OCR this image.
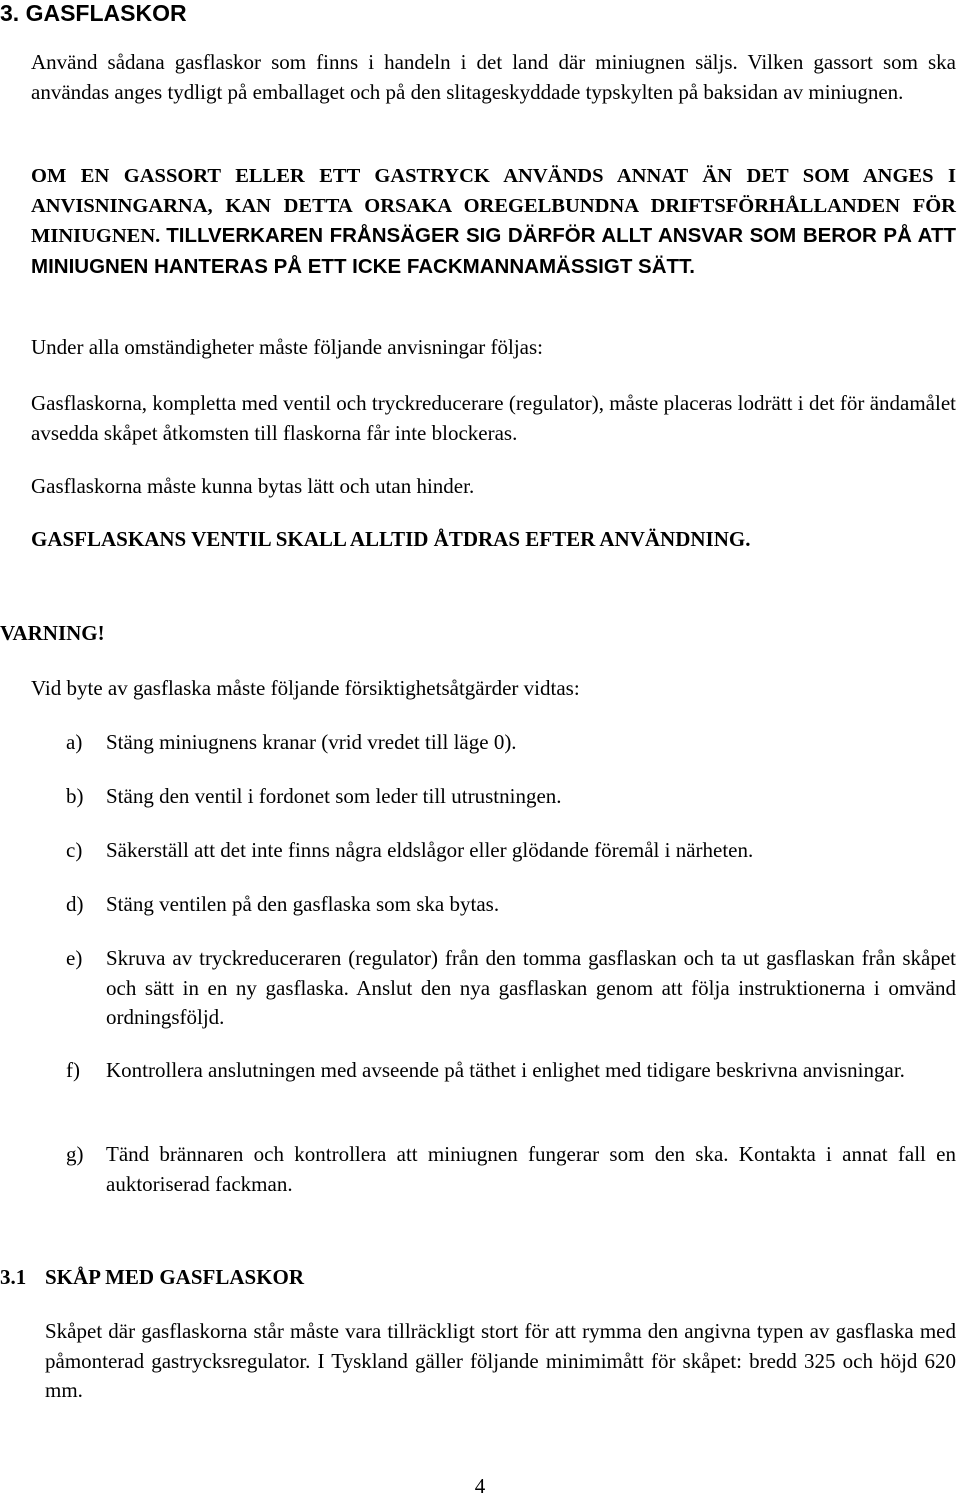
3. GASFLASKOR

Använd sådana gasflaskor som finns i handeln i det land där miniugnen säljs. Vilken gassort som ska användas anges tydligt på emballaget och på den slitageskyddade typskylten på baksidan av miniugnen.

OM EN GASSORT ELLER ETT GASTRYCK ANVÄNDS ANNAT ÄN DET SOM ANGES I ANVISNINGARNA, KAN DETTA ORSAKA OREGELBUNDNA DRIFTSFÖRHÅLLANDEN FÖR MINIUGNEN. TILLVERKAREN FRÅNSÄGER SIG DÄRFÖR ALLT ANSVAR SOM BEROR PÅ ATT MINIUGNEN HANTERAS PÅ ETT ICKE FACKMANNAMÄSSIGT SÄTT.

Under alla omständigheter måste följande anvisningar följas:

Gasflaskorna, kompletta med ventil och tryckreducerare (regulator), måste placeras lodrätt i det för ändamålet avsedda skåpet åtkomsten till flaskorna får inte blockeras.

Gasflaskorna måste kunna bytas lätt och utan hinder.

GASFLASKANS VENTIL SKALL ALLTID ÅTDRAS EFTER ANVÄNDNING.

VARNING!

Vid byte av gasflaska måste följande försiktighetsåtgärder vidtas:

a)	Stäng miniugnens kranar (vrid vredet till läge 0).
b)	Stäng den ventil i fordonet som leder till utrustningen.
c)	Säkerställ att det inte finns några eldslågor eller glödande föremål i närheten.
d)	Stäng ventilen på den gasflaska som ska bytas.
e)	Skruva av tryckreduceraren (regulator) från den tomma gasflaskan och ta ut gasflaskan från skåpet och sätt in en ny gasflaska. Anslut den nya gasflaskan genom att följa instruktionerna i omvänd ordningsföljd.
f)	Kontrollera anslutningen med avseende på täthet i enlighet med tidigare beskrivna anvisningar.
g)	Tänd brännaren och kontrollera att miniugnen fungerar som den ska. Kontakta i annat fall en auktoriserad fackman.
3.1 SKÅP MED GASFLASKOR

Skåpet där gasflaskorna står måste vara tillräckligt stort för att rymma den angivna typen av gasflaska med påmonterad gastrycksregulator. I Tyskland gäller följande minimimått för skåpet: bredd 325 och höjd 620 mm.

4
